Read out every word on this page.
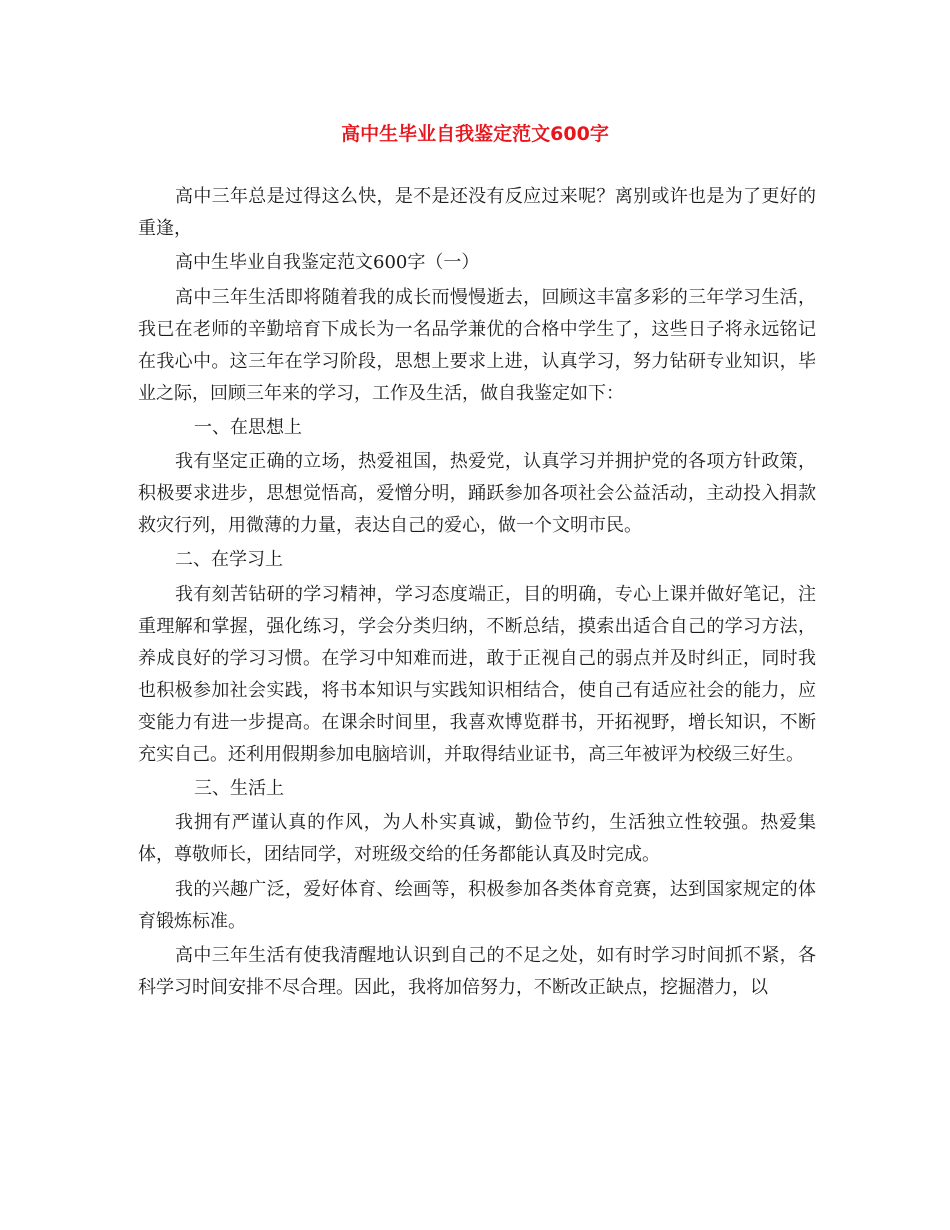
高中生毕业自我鉴定范文600字

高中三年总是过得这么快，是不是还没有反应过来呢？离别或许也是为了更好的重逢，

高中生毕业自我鉴定范文600字（一）

高中三年生活即将随着我的成长而慢慢逝去，回顾这丰富多彩的三年学习生活，我已在老师的辛勤培育下成长为一名品学兼优的合格中学生了，这些日子将永远铭记在我心中。这三年在学习阶段，思想上要求上进，认真学习，努力钻研专业知识，毕业之际，回顾三年来的学习，工作及生活，做自我鉴定如下：

一、在思想上

我有坚定正确的立场，热爱祖国，热爱党，认真学习并拥护党的各项方针政策，积极要求进步，思想觉悟高，爱憎分明，踊跃参加各项社会公益活动，主动投入捐款救灾行列，用微薄的力量，表达自己的爱心，做一个文明市民。

二、在学习上

我有刻苦钻研的学习精神，学习态度端正，目的明确，专心上课并做好笔记，注重理解和掌握，强化练习，学会分类归纳，不断总结，摸索出适合自己的学习方法，养成良好的学习习惯。在学习中知难而进，敢于正视自己的弱点并及时纠正，同时我也积极参加社会实践，将书本知识与实践知识相结合，使自己有适应社会的能力，应变能力有进一步提高。在课余时间里，我喜欢博览群书，开拓视野，增长知识，不断充实自己。还利用假期参加电脑培训，并取得结业证书，高三年被评为校级三好生。

三、生活上

我拥有严谨认真的作风，为人朴实真诚，勤俭节约，生活独立性较强。热爱集体，尊敬师长，团结同学，对班级交给的任务都能认真及时完成。

我的兴趣广泛，爱好体育、绘画等，积极参加各类体育竞赛，达到国家规定的体育锻炼标准。

高中三年生活有使我清醒地认识到自己的不足之处，如有时学习时间抓不紧，各科学习时间安排不尽合理。因此，我将加倍努力，不断改正缺点，挖掘潜力，以
